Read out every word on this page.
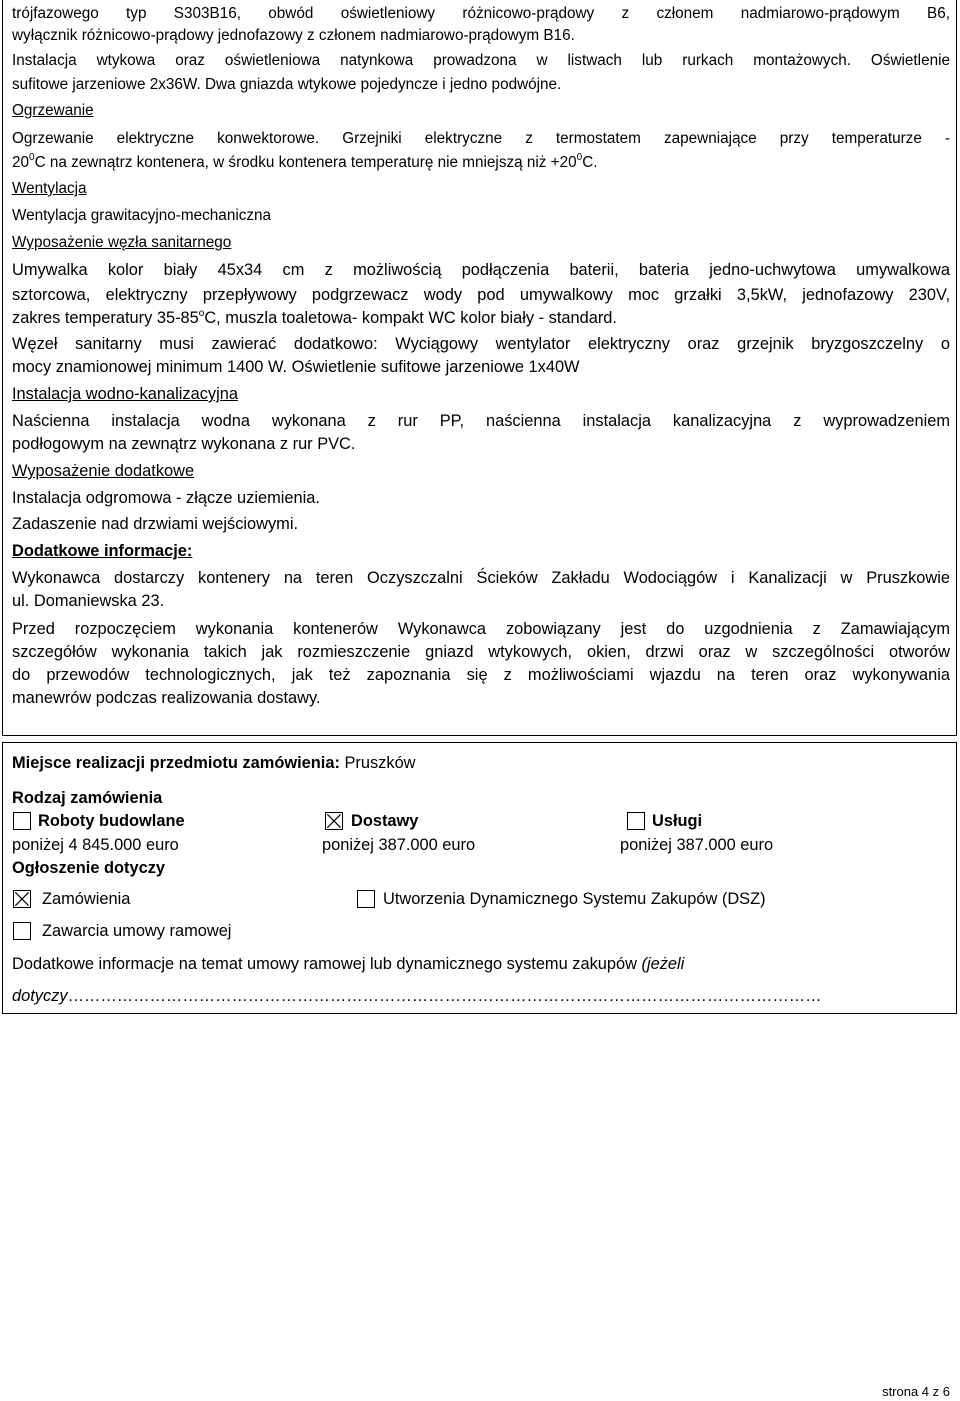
trójfazowego typ S303B16, obwód oświetleniowy różnicowo-prądowy z członem nadmiarowo-prądowym B6,
wyłącznik różnicowo-prądowy jednofazowy z członem nadmiarowo-prądowym B16.
Instalacja wtykowa oraz oświetleniowa natynkowa prowadzona w listwach lub rurkach montażowych. Oświetlenie
sufitowe jarzeniowe 2x36W. Dwa gniazda wtykowe pojedyncze i jedno podwójne.
Ogrzewanie
Ogrzewanie elektryczne konwektorowe. Grzejniki elektryczne z termostatem zapewniające przy temperaturze -
$20^0C$ na zewnątrz kontenera, w środku kontenera temperaturę nie mniejszą niż $+20^0C$.
Wentylacja
Wentylacja grawitacyjno-mechaniczna
Wyposażenie węzła sanitarnego
Umywalka kolor biały 45x34 cm z możliwością podłączenia baterii, bateria jedno-uchwytowa umywalkowa
sztorcowa, elektryczny przepływowy podgrzewacz wody pod umywalkowy moc grzałki 3,5kW, jednofazowy 230V,
zakres temperatury 35-85$^o$C, muszla toaletowa- kompakt WC kolor biały - standard.
Węzeł sanitarny musi zawierać dodatkowo: Wyciągowy wentylator elektryczny oraz grzejnik bryzgoszczelny o
mocy znamionowej minimum 1400 W. Oświetlenie sufitowe jarzeniowe 1x40W
Instalacja wodno-kanalizacyjna
Naścienna instalacja wodna wykonana z rur PP, naścienna instalacja kanalizacyjna z wyprowadzeniem
podłogowym na zewnątrz wykonana z rur PVC.
Wyposażenie dodatkowe
Instalacja odgromowa - złącze uziemienia.
Zadaszenie nad drzwiami wejściowymi.
Dodatkowe informacje:
Wykonawca dostarczy kontenery na teren Oczyszczalni Ścieków Zakładu Wodociągów i Kanalizacji w Pruszkowie
ul. Domaniewska 23.
Przed rozpoczęciem wykonania kontenerów Wykonawca zobowiązany jest do uzgodnienia z Zamawiającym
szczegółów wykonania takich jak rozmieszczenie gniazd wtykowych, okien, drzwi oraz w szczególności otworów
do przewodów technologicznych, jak też zapoznania się z możliwościami wjazdu na teren oraz wykonywania
manewrów podczas realizowania dostawy.
Miejsce realizacji przedmiotu zamówienia: Pruszków
Rodzaj zamówienia
Roboty budowlane	Dostawy	Usługi
poniżej 4 845.000 euro	poniżej 387.000 euro	poniżej 387.000 euro
Ogłoszenie dotyczy
Zamówienia	Utworzenia Dynamicznego Systemu Zakupów (DSZ)
Zawarcia umowy ramowej
Dodatkowe informacje na temat umowy ramowej lub dynamicznego systemu zakupów (jeżeli
dotyczy…………………………………………………………………………………………………………………………
strona 4 z 6
